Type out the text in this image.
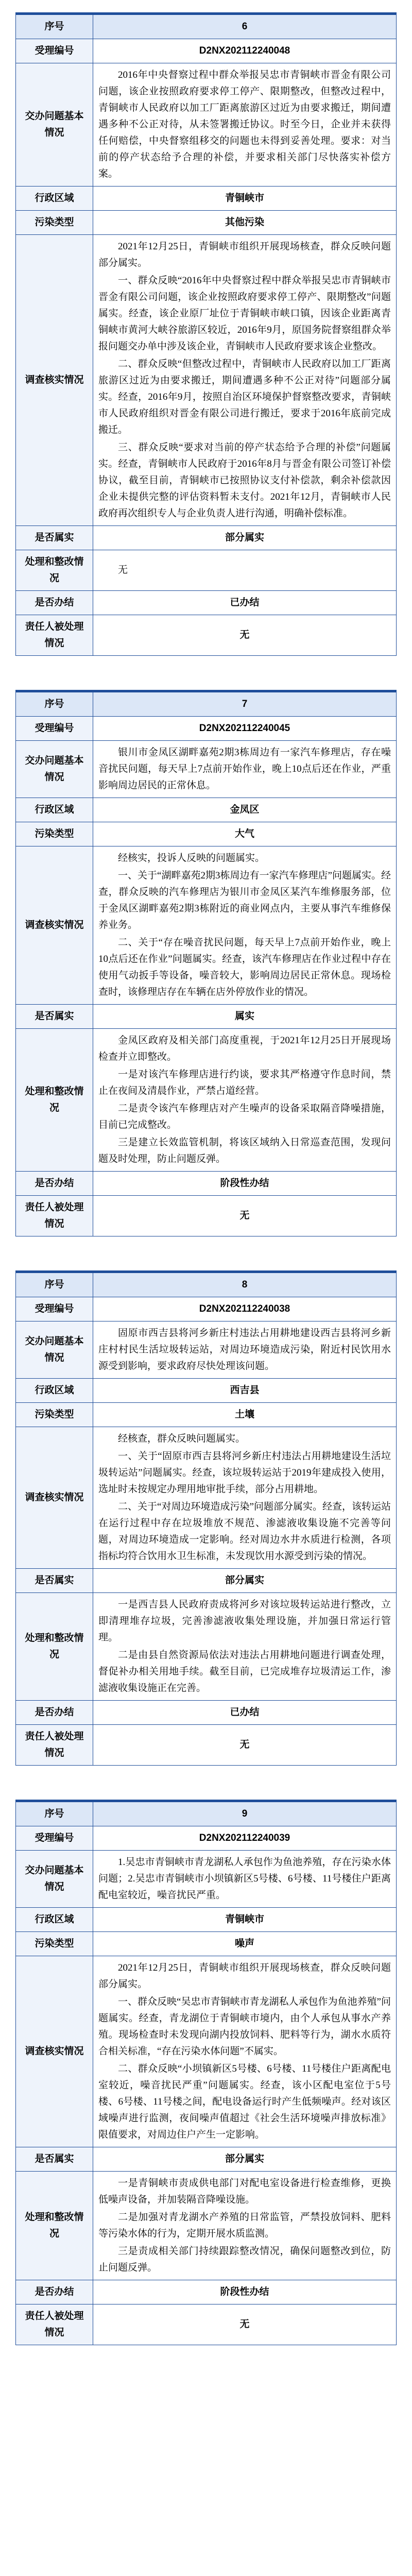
序号	6
受理编号	D2NX202112240048
交办问题基本情况	2016年中央督察过程中群众举报吴忠市青铜峡市晋金有限公司问题，该企业按照政府要求停工停产、限期整改，但整改过程中，青铜峡市人民政府以加工厂距离旅游区过近为由要求搬迁，期间遭遇多种不公正对待，从未签署搬迁协议。时至今日，企业并未获得任何赔偿，中央督察组移交的问题也未得到妥善处理。要求：对当前的停产状态给予合理的补偿，并要求相关部门尽快落实补偿方案。

行政区域	青铜峡市
污染类型	其他污染
调查核实情况	2021年12月25日，青铜峡市组织开展现场核查，群众反映问题部分属实。

一、群众反映“2016年中央督察过程中群众举报吴忠市青铜峡市晋金有限公司问题，该企业按照政府要求停工停产、限期整改”问题属实。经查，该企业原厂址位于青铜峡市峡口镇，因该企业距离青铜峡市黄河大峡谷旅游区较近，2016年9月，原国务院督察组群众举报问题交办单中涉及该企业，青铜峡市人民政府要求该企业整改。

二、群众反映“但整改过程中，青铜峡市人民政府以加工厂距离旅游区过近为由要求搬迁，期间遭遇多种不公正对待”问题部分属实。经查，2016年9月，按照自治区环境保护督察整改要求，青铜峡市人民政府组织对晋金有限公司进行搬迁，要求于2016年底前完成搬迁。

三、群众反映“要求对当前的停产状态给予合理的补偿”问题属实。经查，青铜峡市人民政府于2016年8月与晋金有限公司签订补偿协议，截至目前，青铜峡市已按照协议支付补偿款，剩余补偿款因企业未提供完整的评估资料暂未支付。2021年12月，青铜峡市人民政府再次组织专人与企业负责人进行沟通，明确补偿标准。

是否属实	部分属实
处理和整改情况	无

是否办结	已办结
责任人被处理情况	无
序号	7
受理编号	D2NX202112240045
交办问题基本情况	银川市金凤区湖畔嘉苑2期3栋周边有一家汽车修理店，存在噪音扰民问题，每天早上7点前开始作业，晚上10点后还在作业，严重影响周边居民的正常休息。

行政区域	金凤区
污染类型	大气
调查核实情况	经核实，投诉人反映的问题属实。

一、关于“湖畔嘉苑2期3栋周边有一家汽车修理店”问题属实。经查，群众反映的汽车修理店为银川市金凤区某汽车维修服务部，位于金凤区湖畔嘉苑2期3栋附近的商业网点内，主要从事汽车维修保养业务。

二、关于“存在噪音扰民问题，每天早上7点前开始作业，晚上10点后还在作业”问题属实。经查，该汽车修理店在作业过程中存在使用气动扳手等设备，噪音较大，影响周边居民正常休息。现场检查时，该修理店存在车辆在店外停放作业的情况。

是否属实	属实
处理和整改情况	金凤区政府及相关部门高度重视，于2021年12月25日开展现场检查并立即整改。

一是对该汽车修理店进行约谈，要求其严格遵守作息时间，禁止在夜间及清晨作业，严禁占道经营。

二是责令该汽车修理店对产生噪声的设备采取隔音降噪措施，目前已完成整改。

三是建立长效监管机制，将该区域纳入日常巡查范围，发现问题及时处理，防止问题反弹。

是否办结	阶段性办结
责任人被处理情况	无
序号	8
受理编号	D2NX202112240038
交办问题基本情况	固原市西吉县将河乡新庄村违法占用耕地建设西吉县将河乡新庄村村民生活垃圾转运站，对周边环境造成污染，附近村民饮用水源受到影响，要求政府尽快处理该问题。

行政区域	西吉县
污染类型	土壤
调查核实情况	经核查，群众反映问题属实。

一、关于“固原市西吉县将河乡新庄村违法占用耕地建设生活垃圾转运站”问题属实。经查，该垃圾转运站于2019年建成投入使用，选址时未按规定办理用地审批手续，部分占用耕地。

二、关于“对周边环境造成污染”问题部分属实。经查，该转运站在运行过程中存在垃圾堆放不规范、渗滤液收集设施不完善等问题，对周边环境造成一定影响。经对周边水井水质进行检测，各项指标均符合饮用水卫生标准，未发现饮用水源受到污染的情况。

是否属实	部分属实
处理和整改情况	一是西吉县人民政府责成将河乡对该垃圾转运站进行整改，立即清理堆存垃圾，完善渗滤液收集处理设施，并加强日常运行管理。

二是由县自然资源局依法对违法占用耕地问题进行调查处理，督促补办相关用地手续。截至目前，已完成堆存垃圾清运工作，渗滤液收集设施正在完善。

是否办结	已办结
责任人被处理情况	无
序号	9
受理编号	D2NX202112240039
交办问题基本情况	1.吴忠市青铜峡市青龙湖私人承包作为鱼池养殖，存在污染水体问题；2.吴忠市青铜峡市小坝镇新区5号楼、6号楼、11号楼住户距离配电室较近，噪音扰民严重。

行政区域	青铜峡市
污染类型	噪声
调查核实情况	2021年12月25日，青铜峡市组织开展现场核查，群众反映问题部分属实。

一、群众反映“吴忠市青铜峡市青龙湖私人承包作为鱼池养殖”问题属实。经查，青龙湖位于青铜峡市境内，由个人承包从事水产养殖。现场检查时未发现向湖内投放饲料、肥料等行为，湖水水质符合相关标准，“存在污染水体问题”不属实。

二、群众反映“小坝镇新区5号楼、6号楼、11号楼住户距离配电室较近，噪音扰民严重”问题属实。经查，该小区配电室位于5号楼、6号楼、11号楼之间，配电设备运行时产生低频噪声。经对该区域噪声进行监测，夜间噪声值超过《社会生活环境噪声排放标准》限值要求，对周边住户产生一定影响。

是否属实	部分属实
处理和整改情况	一是青铜峡市责成供电部门对配电室设备进行检查维修，更换低噪声设备，并加装隔音降噪设施。

二是加强对青龙湖水产养殖的日常监管，严禁投放饲料、肥料等污染水体的行为，定期开展水质监测。

三是责成相关部门持续跟踪整改情况，确保问题整改到位，防止问题反弹。

是否办结	阶段性办结
责任人被处理情况	无
